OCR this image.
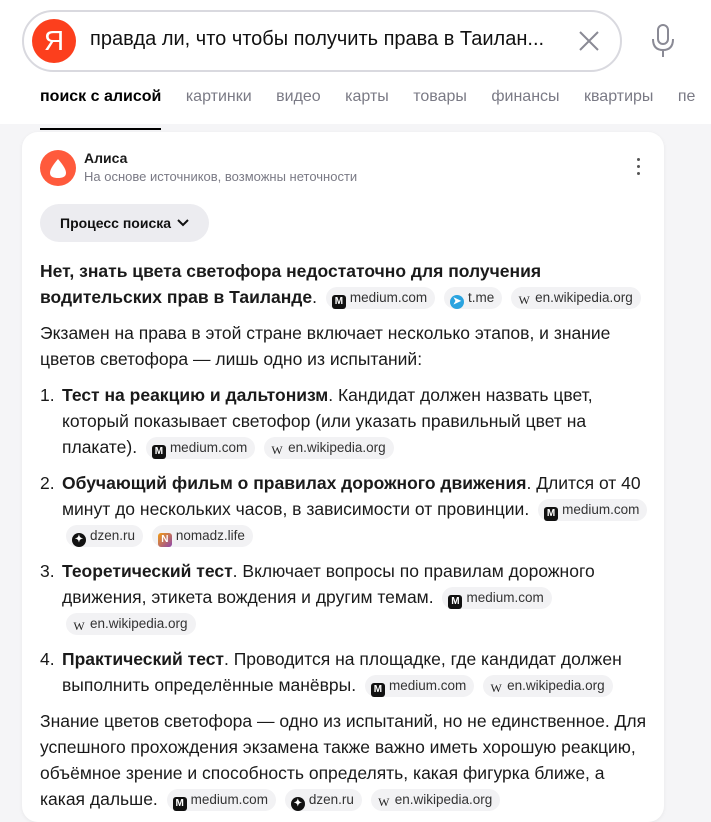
Я	правда ли, что чтобы получить права в Таилан...
поиск с алисой картинки видео карты товары финансы квартиры пе
Алиса
На основе источников, возможны неточности
Процесс поиска

Нет, знать цвета светофора недостаточно для получения водительских прав в Таиланде. M medium.com	➤ t.me W en.wikipedia.org

Экзамен на права в этой стране включает несколько этапов, и знание цветов светофора — лишь одно из испытаний:

1. Тест на реакцию и дальтонизм. Кандидат должен назвать цвет, который показывает светофор (или указать правильный цвет на плакате). M medium.com W en.wikipedia.org
2. Обучающий фильм о правилах дорожного движения. Длится от 40 минут до нескольких часов, в зависимости от провинции. M medium.com ✦ dzen.ru	N nomadz.life
3. Теоретический тест. Включает вопросы по правилам дорожного движения, этикета вождения и другим темам. M medium.com W en.wikipedia.org
4. Практический тест. Проводится на площадке, где кандидат должен выполнить определённые манёвры. M medium.com W en.wikipedia.org

Знание цветов светофора — одно из испытаний, но не единственное. Для успешного прохождения экзамена также важно иметь хорошую реакцию, объёмное зрение и способность определять, какая фигурка ближе, а какая дальше. M medium.com	✦ dzen.ru W en.wikipedia.org
